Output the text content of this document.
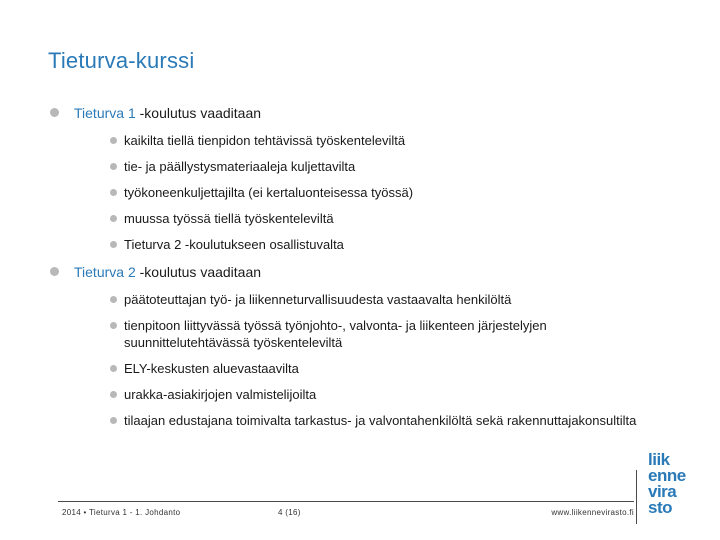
Tieturva-kurssi
Tieturva 1 -koulutus vaaditaan
kaikilta tiellä tienpidon tehtävissä työskenteleviltä
tie- ja päällystysmateriaaleja kuljettavilta
työkoneenkuljettajilta (ei kertaluonteisessa työssä)
muussa työssä tiellä työskenteleviltä
Tieturva 2 -koulutukseen osallistuvalta
Tieturva 2 -koulutus vaaditaan
päätoteuttajan työ- ja liikenneturvallisuudesta vastaavalta henkilöltä
tienpitoon liittyvässä työssä työnjohto-, valvonta- ja liikenteen järjestelyjen suunnittelutehtävässä työskenteleviltä
ELY-keskusten aluevastaavilta
urakka-asiakirjojen valmistelijoilta
tilaajan edustajana toimivalta tarkastus- ja valvontahenkilöltä sekä rakennuttajakonsultilta
2014 • Tieturva 1 - 1. Johdanto	4 (16)	www.liikennevirasto.fi
liik
enne
vira
sto
